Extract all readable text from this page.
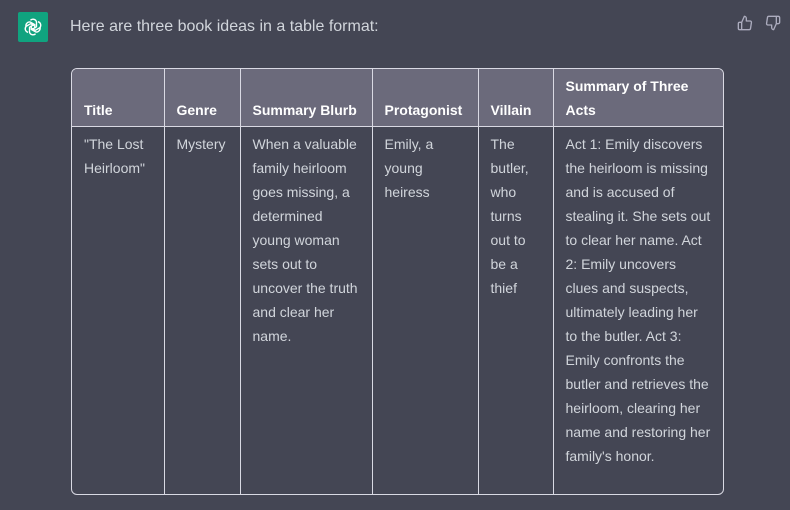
Here are three book ideas in a table format:
Title	Genre	Summary Blurb	Protagonist	Villain	Summary of Three Acts
"The Lost Heirloom"	Mystery	When a valuable family heirloom goes missing, a determined young woman sets out to uncover the truth and clear her name.	Emily, a young heiress	The butler, who turns out to be a thief	Act 1: Emily discovers the heirloom is missing and is accused of stealing it. She sets out to clear her name. Act 2: Emily uncovers clues and suspects, ultimately leading her to the butler. Act 3: Emily confronts the butler and retrieves the heirloom, clearing her name and restoring her family's honor.
